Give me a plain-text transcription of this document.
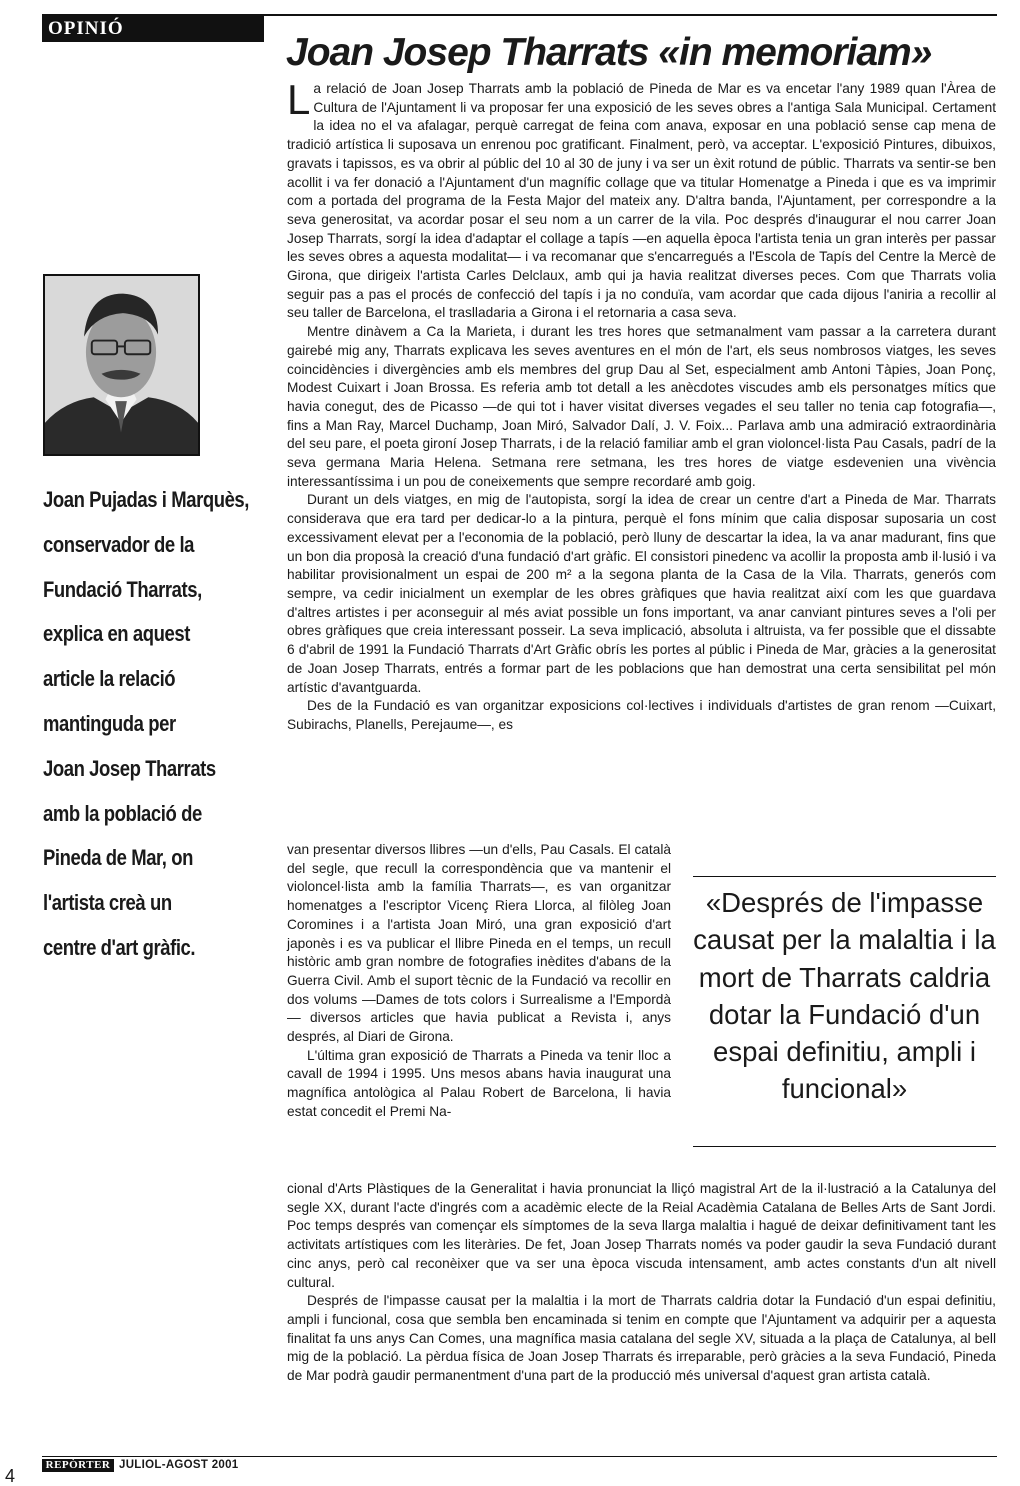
OPINIÓ
Joan Josep Tharrats «in memoriam»
Joan Pujadas i Marquès,
conservador de la
Fundació Tharrats,
explica en aquest
article la relació
mantinguda per
Joan Josep Tharrats
amb la població de
Pineda de Mar, on
l'artista creà un
centre d'art gràfic.

La relació de Joan Josep Tharrats amb la població de Pineda de Mar es va encetar l'any 1989 quan l'Àrea de Cultura de l'Ajuntament li va proposar fer una exposició de les seves obres a l'antiga Sala Municipal. Certament la idea no el va afalagar, perquè carregat de feina com anava, exposar en una població sense cap mena de tradició artística li suposava un enrenou poc gratificant. Finalment, però, va acceptar. L'exposició Pintures, dibuixos, gravats i tapissos, es va obrir al públic del 10 al 30 de juny i va ser un èxit rotund de públic. Tharrats va sentir-se ben acollit i va fer donació a l'Ajuntament d'un magnífic collage que va titular Homenatge a Pineda i que es va imprimir com a portada del programa de la Festa Major del mateix any. D'altra banda, l'Ajuntament, per correspondre a la seva generositat, va acordar posar el seu nom a un carrer de la vila. Poc després d'inaugurar el nou carrer Joan Josep Tharrats, sorgí la idea d'adaptar el collage a tapís —en aquella època l'artista tenia un gran interès per passar les seves obres a aquesta modalitat— i va recomanar que s'encarregués a l'Escola de Tapís del Centre la Mercè de Girona, que dirigeix l'artista Carles Delclaux, amb qui ja havia realitzat diverses peces. Com que Tharrats volia seguir pas a pas el procés de confecció del tapís i ja no conduïa, vam acordar que cada dijous l'aniria a recollir al seu taller de Barcelona, el traslladaria a Girona i el retornaria a casa seva.

Mentre dinàvem a Ca la Marieta, i durant les tres hores que setmanalment vam passar a la carretera durant gairebé mig any, Tharrats explicava les seves aventures en el món de l'art, els seus nombrosos viatges, les seves coincidències i divergències amb els membres del grup Dau al Set, especialment amb Antoni Tàpies, Joan Ponç, Modest Cuixart i Joan Brossa. Es referia amb tot detall a les anècdotes viscudes amb els personatges mítics que havia conegut, des de Picasso —de qui tot i haver visitat diverses vegades el seu taller no tenia cap fotografia—, fins a Man Ray, Marcel Duchamp, Joan Miró, Salvador Dalí, J. V. Foix... Parlava amb una admiració extraordinària del seu pare, el poeta gironí Josep Tharrats, i de la relació familiar amb el gran violoncel·lista Pau Casals, padrí de la seva germana Maria Helena. Setmana rere setmana, les tres hores de viatge esdevenien una vivència interessantíssima i un pou de coneixements que sempre recordaré amb goig.

Durant un dels viatges, en mig de l'autopista, sorgí la idea de crear un centre d'art a Pineda de Mar. Tharrats considerava que era tard per dedicar-lo a la pintura, perquè el fons mínim que calia disposar suposaria un cost excessivament elevat per a l'economia de la població, però lluny de descartar la idea, la va anar madurant, fins que un bon dia proposà la creació d'una fundació d'art gràfic. El consistori pinedenc va acollir la proposta amb il·lusió i va habilitar provisionalment un espai de 200 m² a la segona planta de la Casa de la Vila. Tharrats, generós com sempre, va cedir inicialment un exemplar de les obres gràfiques que havia realitzat així com les que guardava d'altres artistes i per aconseguir al més aviat possible un fons important, va anar canviant pintures seves a l'oli per obres gràfiques que creia interessant posseir. La seva implicació, absoluta i altruista, va fer possible que el dissabte 6 d'abril de 1991 la Fundació Tharrats d'Art Gràfic obrís les portes al públic i Pineda de Mar, gràcies a la generositat de Joan Josep Tharrats, entrés a formar part de les poblacions que han demostrat una certa sensibilitat pel món artístic d'avantguarda.

Des de la Fundació es van organitzar exposicions col·lectives i individuals d'artistes de gran renom —Cuixart, Subirachs, Planells, Perejaume—, es

van presentar diversos llibres —un d'ells, Pau Casals. El català del segle, que recull la correspondència que va mantenir el violoncel·lista amb la família Tharrats—, es van organitzar homenatges a l'escriptor Vicenç Riera Llorca, al filòleg Joan Coromines i a l'artista Joan Miró, una gran exposició d'art japonès i es va publicar el llibre Pineda en el temps, un recull històric amb gran nombre de fotografies inèdites d'abans de la Guerra Civil. Amb el suport tècnic de la Fundació va recollir en dos volums —Dames de tots colors i Surrealisme a l'Empordà— diversos articles que havia publicat a Revista i, anys després, al Diari de Girona.

L'última gran exposició de Tharrats a Pineda va tenir lloc a cavall de 1994 i 1995. Uns mesos abans havia inaugurat una magnífica antològica al Palau Robert de Barcelona, li havia estat concedit el Premi Na-

«Després de l'impasse causat per la malaltia i la mort de Tharrats caldria dotar la Fundació d'un espai definitiu, ampli i funcional»

cional d'Arts Plàstiques de la Generalitat i havia pronunciat la lliçó magistral Art de la il·lustració a la Catalunya del segle XX, durant l'acte d'ingrés com a acadèmic electe de la Reial Acadèmia Catalana de Belles Arts de Sant Jordi. Poc temps després van començar els símptomes de la seva llarga malaltia i hagué de deixar definitivament tant les activitats artístiques com les literàries. De fet, Joan Josep Tharrats només va poder gaudir la seva Fundació durant cinc anys, però cal reconèixer que va ser una època viscuda intensament, amb actes constants d'un alt nivell cultural.

Després de l'impasse causat per la malaltia i la mort de Tharrats caldria dotar la Fundació d'un espai definitiu, ampli i funcional, cosa que sembla ben encaminada si tenim en compte que l'Ajuntament va adquirir per a aquesta finalitat fa uns anys Can Comes, una magnífica masia catalana del segle XV, situada a la plaça de Catalunya, al bell mig de la població. La pèrdua física de Joan Josep Tharrats és irreparable, però gràcies a la seva Fundació, Pineda de Mar podrà gaudir permanentment d'una part de la producció més universal d'aquest gran artista català.

REPÒRTER JULIOL-AGOST 2001
4
